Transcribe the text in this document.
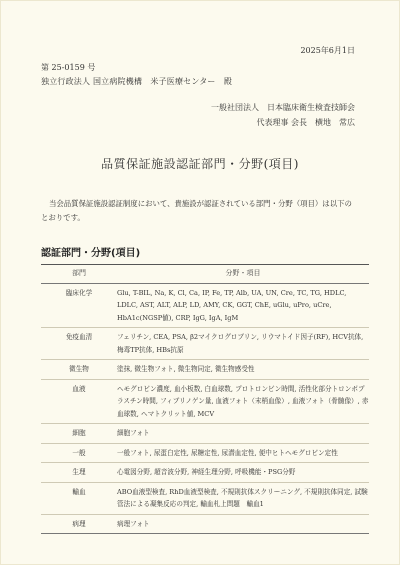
2025年6月1日
第 25-0159 号
独立行政法人 国立病院機構　米子医療センター　殿
一般社団法人　日本臨床衛生検査技師会
代表理事 会長　横地　常広
品質保証施設認証部門・分野(項目)
当会品質保証施設認証制度において、貴施設が認証されている部門・分野（項目）は以下のとおりです。
認証部門・分野(項目)
部門	分野・項目
臨床化学	Glu, T-BIL, Na, K, Cl, Ca, IP, Fe, TP, Alb, UA, UN, Cre, TC, TG, HDLC, LDLC, AST, ALT, ALP, LD, AMY, CK, GGT, ChE, uGlu, uPro, uCre, HbA1c(NGSP値), CRP, IgG, IgA, IgM
免疫血清	フェリチン, CEA, PSA, β2マイクログロブリン, リウマトイド因子(RF), HCV抗体, 梅毒TP抗体, HBs抗原
微生物	塗抹, 微生物フォト, 微生物同定, 微生物感受性
血液	ヘモグロビン濃度, 血小板数, 白血球数, プロトロンビン時間, 活性化部分トロンボプラスチン時間, フィブリノゲン量, 血液フォト（末梢血像）, 血液フォト（骨髄像）, 赤血球数, ヘマトクリット値, MCV
細胞	細胞フォト
一般	一般フォト, 尿蛋白定性, 尿糖定性, 尿潜血定性, 便中ヒトヘモグロビン定性
生理	心電図分野, 超音波分野, 神経生理分野, 呼吸機能・PSG分野
輸血	ABO血液型検査, RhD血液型検査, 不規則抗体スクリーニング, 不規則抗体同定, 試験管法による凝集反応の判定, 輸血札上問題　輸血1
病理	病理フォト
